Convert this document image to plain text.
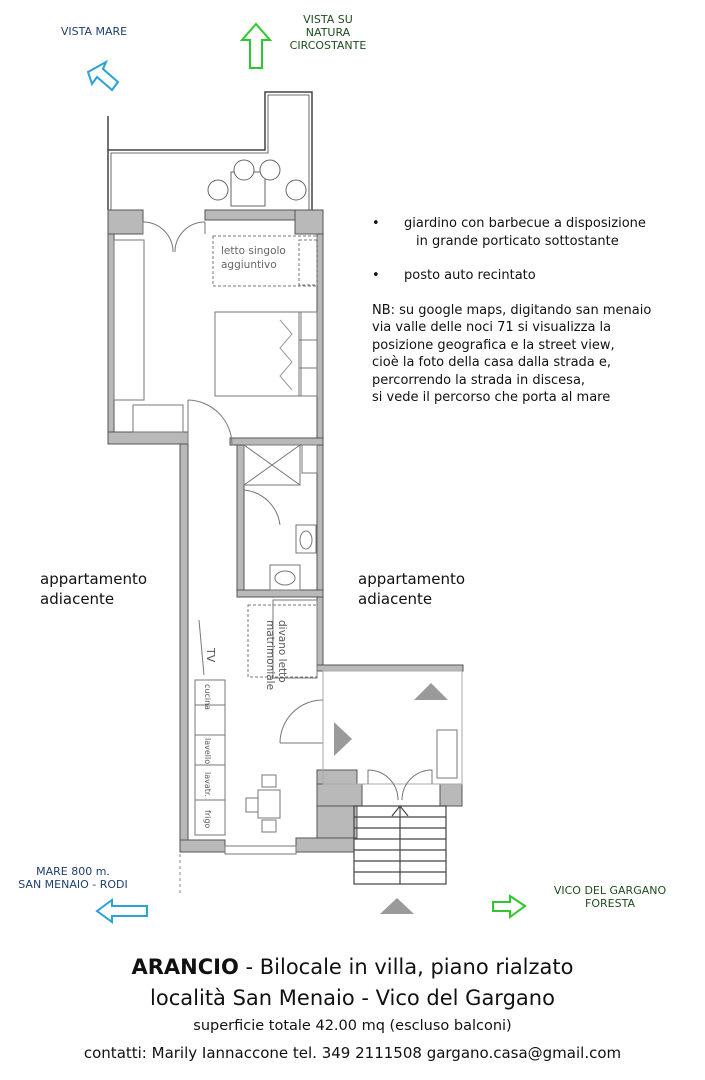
VISTA MARE
VISTA SU
NATURA
CIRCOSTANTE
MARE 800 m.
SAN MENAIO - RODI	VICO DEL GARGANO
FORESTA
• giardino con barbecue a disposizione
in grande porticato sottostante
• posto auto recintato
NB: su google maps, digitando san menaio
via valle delle noci 71 si visualizza la
posizione geografica e la street view,
cioè la foto della casa dalla strada e,
percorrendo la strada in discesa,
si vede il percorso che porta al mare
appartamento
adiacente
appartamento
adiacente
letto singolo
aggiuntivo
divano letto
matrimoniale
TV
cucina
lavello
lavatr.
frigo
ARANCIO - Bilocale in villa, piano rialzato
località San Menaio - Vico del Gargano
superficie totale 42.00 mq (escluso balconi)
contatti: Marily Iannaccone tel. 349 2111508 gargano.casa@gmail.com
